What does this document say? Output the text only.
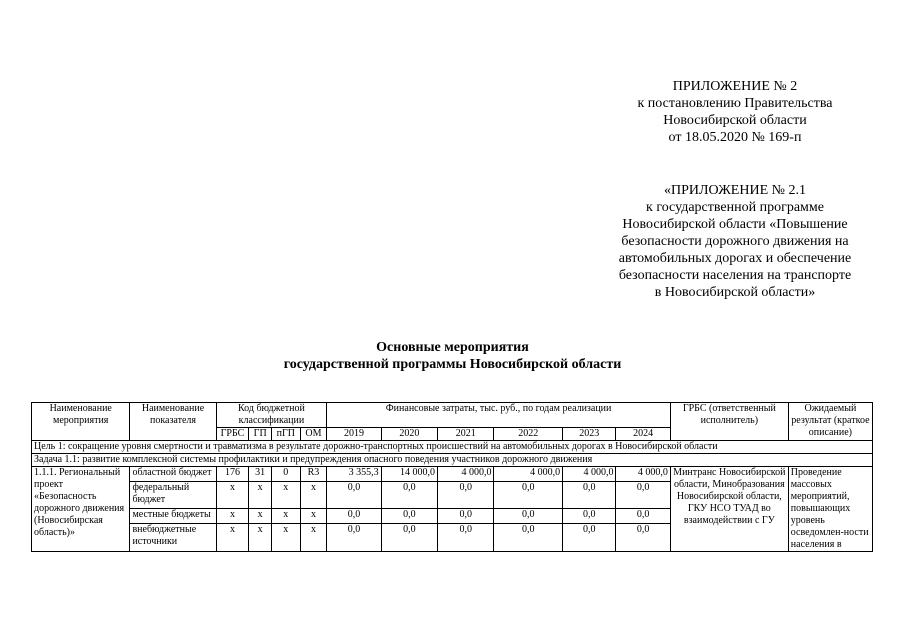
ПРИЛОЖЕНИЕ № 2
к постановлению Правительства
Новосибирской области
от 18.05.2020 № 169-п
«ПРИЛОЖЕНИЕ № 2.1
к государственной программе
Новосибирской области «Повышение
безопасности дорожного движения на
автомобильных дорогах и обеспечение
безопасности населения на транспорте
в Новосибирской области»
Основные мероприятия
государственной программы Новосибирской области
Наименование мероприятия	Наименование показателя	Код бюджетной классификации				Финансовые затраты, тыс. руб., по годам реализации						ГРБС (ответственный исполнитель)	Ожидаемый результат (краткое описание)
		ГРБС	ГП	пГП	ОМ	2019	2020	2021	2022	2023	2024		
Цель 1: сокращение уровня смертности и травматизма в результате дорожно-транспортных происшествий на автомобильных дорогах в Новосибирской области													
Задача 1.1: развитие комплексной системы профилактики и предупреждения опасного поведения участников дорожного движения													
1.1.1. Региональный проект «Безопасность дорожного движения (Новосибирская область)»	областной бюджет	176	31	0	R3	3 355,3	14 000,0	4 000,0	4 000,0	4 000,0	4 000,0	Минтранс Новосибирской области, Минобразования Новосибирской области, ГКУ НСО ТУАД во взаимодействии с ГУ	Проведение массовых мероприятий, повышающих уровень осведомлен-ности населения в
	федеральный бюджет	х	х	х	х	0,0	0,0	0,0	0,0	0,0	0,0		
	местные бюджеты	х	х	х	х	0,0	0,0	0,0	0,0	0,0	0,0		
	внебюджетные источники	х	х	х	х	0,0	0,0	0,0	0,0	0,0	0,0		
